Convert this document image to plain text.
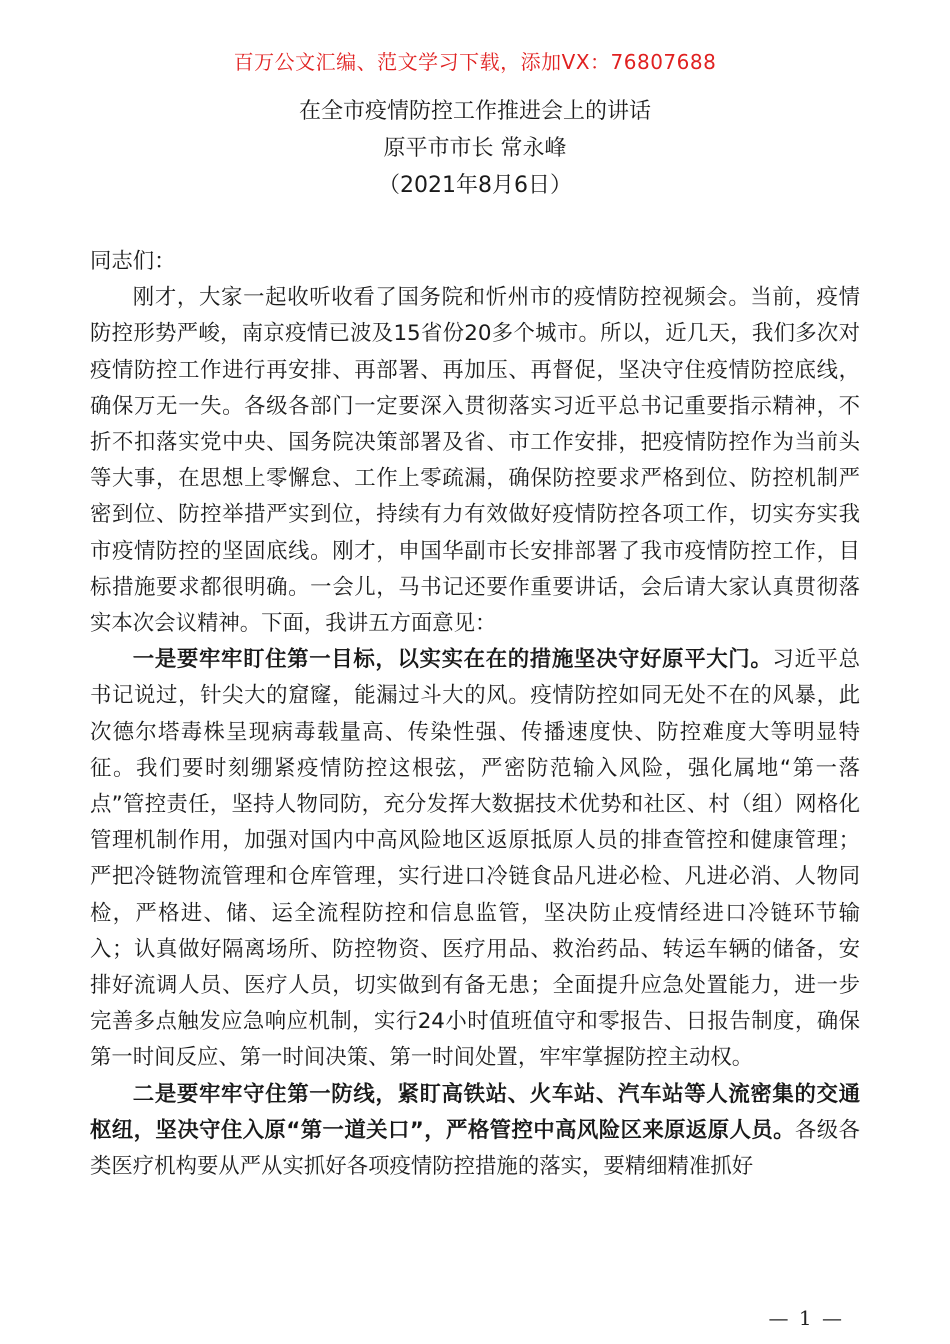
百万公文汇编、范文学习下载，添加VX：76807688
在全市疫情防控工作推进会上的讲话
原平市市长 常永峰
（2021年8月6日）

同志们：

刚才，大家一起收听收看了国务院和忻州市的疫情防控视频会。当前，疫情防控形势严峻，南京疫情已波及15省份20多个城市。所以，近几天，我们多次对疫情防控工作进行再安排、再部署、再加压、再督促，坚决守住疫情防控底线，确保万无一失。各级各部门一定要深入贯彻落实习近平总书记重要指示精神，不折不扣落实党中央、国务院决策部署及省、市工作安排，把疫情防控作为当前头等大事，在思想上零懈怠、工作上零疏漏，确保防控要求严格到位、防控机制严密到位、防控举措严实到位，持续有力有效做好疫情防控各项工作，切实夯实我市疫情防控的坚固底线。刚才，申国华副市长安排部署了我市疫情防控工作，目标措施要求都很明确。一会儿，马书记还要作重要讲话，会后请大家认真贯彻落实本次会议精神。下面，我讲五方面意见：

一是要牢牢盯住第一目标，以实实在在的措施坚决守好原平大门。习近平总书记说过，针尖大的窟窿，能漏过斗大的风。疫情防控如同无处不在的风暴，此次德尔塔毒株呈现病毒载量高、传染性强、传播速度快、防控难度大等明显特征。我们要时刻绷紧疫情防控这根弦，严密防范输入风险，强化属地“第一落点”管控责任，坚持人物同防，充分发挥大数据技术优势和社区、村（组）网格化管理机制作用，加强对国内中高风险地区返原抵原人员的排查管控和健康管理；严把冷链物流管理和仓库管理，实行进口冷链食品凡进必检、凡进必消、人物同检，严格进、储、运全流程防控和信息监管，坚决防止疫情经进口冷链环节输入；认真做好隔离场所、防控物资、医疗用品、救治药品、转运车辆的储备，安排好流调人员、医疗人员，切实做到有备无患；全面提升应急处置能力，进一步完善多点触发应急响应机制，实行24小时值班值守和零报告、日报告制度，确保第一时间反应、第一时间决策、第一时间处置，牢牢掌握防控主动权。

二是要牢牢守住第一防线，紧盯高铁站、火车站、汽车站等人流密集的交通枢纽，坚决守住入原“第一道关口”，严格管控中高风险区来原返原人员。各级各类医疗机构要从严从实抓好各项疫情防控措施的落实，要精细精准抓好

— 1 —
